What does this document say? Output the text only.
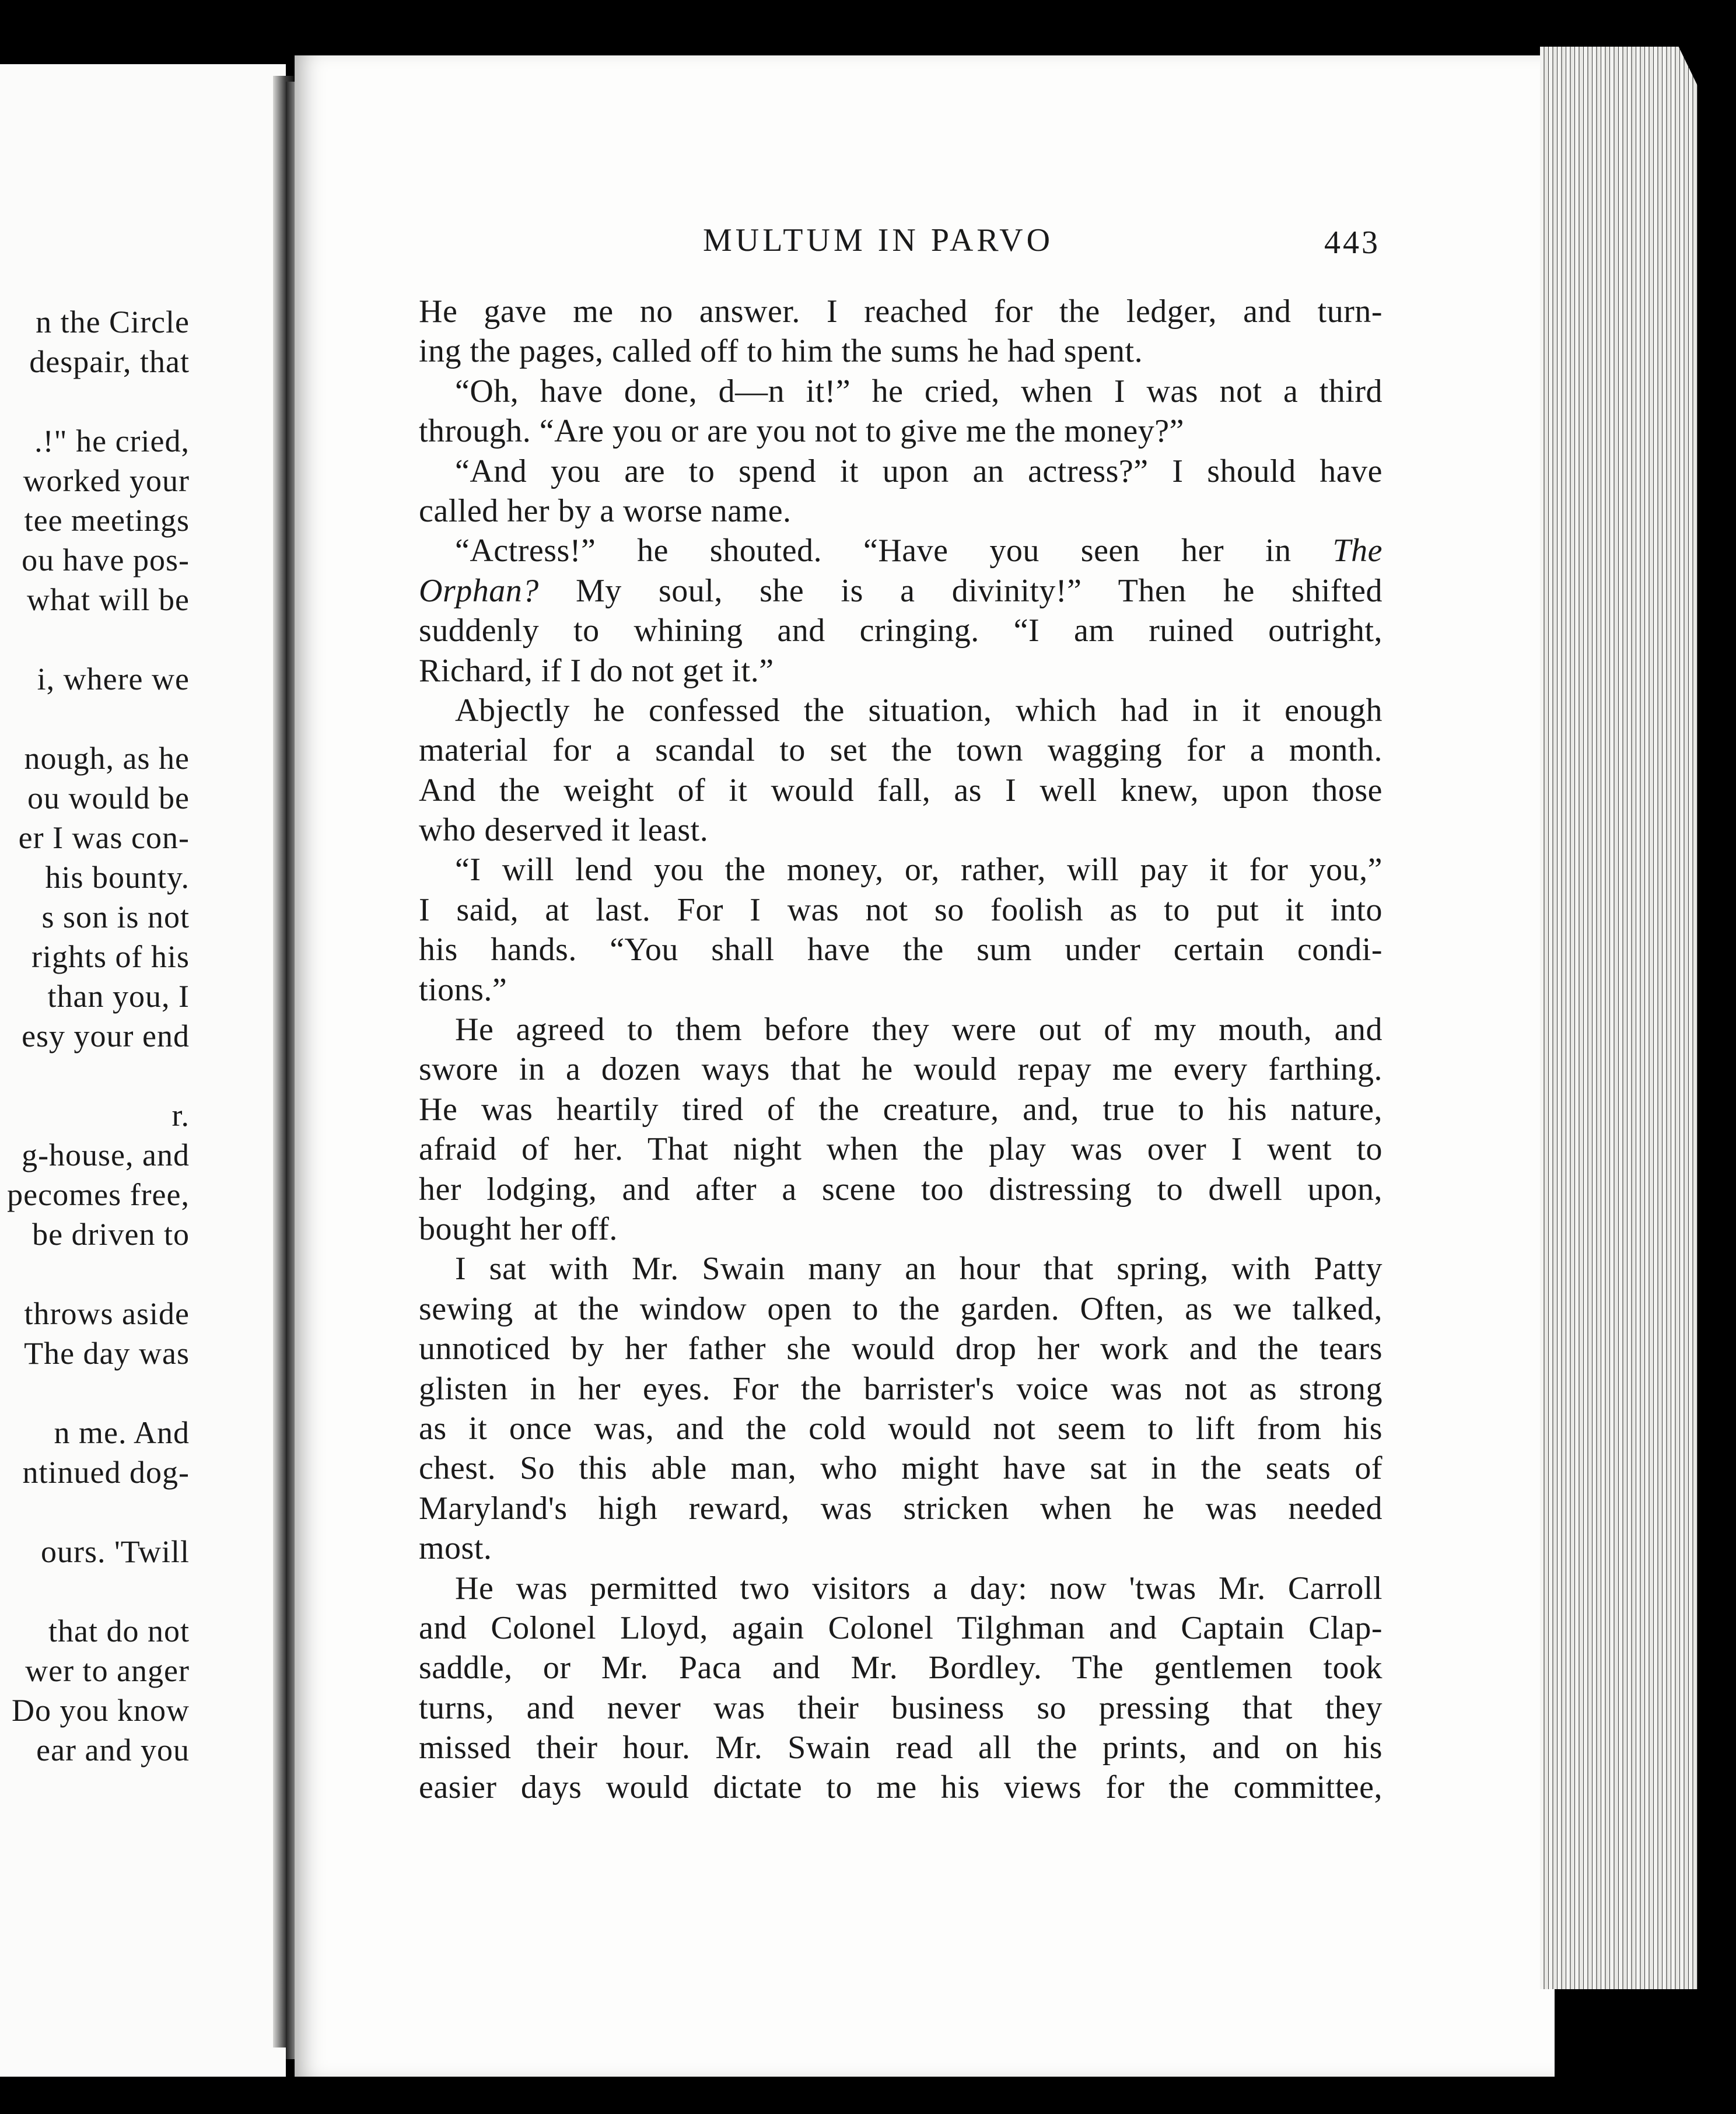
n the Circle
despair, that
.!" he cried,
worked your
tee meetings
ou have pos-
what will be
i, where we
nough, as he
ou would be
er I was con-
his bounty.
s son is not
rights of his
than you, I
esy your end
r.
g-house, and
pecomes free,
be driven to
throws aside
The day was
n me. And
ntinued dog-
ours. 'Twill
that do not
wer to anger
Do you know
ear and you
MULTUM IN PARVO	443
He gave me no answer. I reached for the ledger, and turn-
ing the pages, called off to him the sums he had spent.
“Oh, have done, d—n it!” he cried, when I was not a third
through. “Are you or are you not to give me the money?”
“And you are to spend it upon an actress?” I should have
called her by a worse name.
“Actress!” he shouted. “Have you seen her in The
Orphan? My soul, she is a divinity!” Then he shifted
suddenly to whining and cringing. “I am ruined outright,
Richard, if I do not get it.”
Abjectly he confessed the situation, which had in it enough
material for a scandal to set the town wagging for a month.
And the weight of it would fall, as I well knew, upon those
who deserved it least.
“I will lend you the money, or, rather, will pay it for you,”
I said, at last. For I was not so foolish as to put it into
his hands. “You shall have the sum under certain condi-
tions.”
He agreed to them before they were out of my mouth, and
swore in a dozen ways that he would repay me every farthing.
He was heartily tired of the creature, and, true to his nature,
afraid of her. That night when the play was over I went to
her lodging, and after a scene too distressing to dwell upon,
bought her off.
I sat with Mr. Swain many an hour that spring, with Patty
sewing at the window open to the garden. Often, as we talked,
unnoticed by her father she would drop her work and the tears
glisten in her eyes. For the barrister's voice was not as strong
as it once was, and the cold would not seem to lift from his
chest. So this able man, who might have sat in the seats of
Maryland's high reward, was stricken when he was needed
most.
He was permitted two visitors a day: now 'twas Mr. Carroll
and Colonel Lloyd, again Colonel Tilghman and Captain Clap-
saddle, or Mr. Paca and Mr. Bordley. The gentlemen took
turns, and never was their business so pressing that they
missed their hour. Mr. Swain read all the prints, and on his
easier days would dictate to me his views for the committee,
